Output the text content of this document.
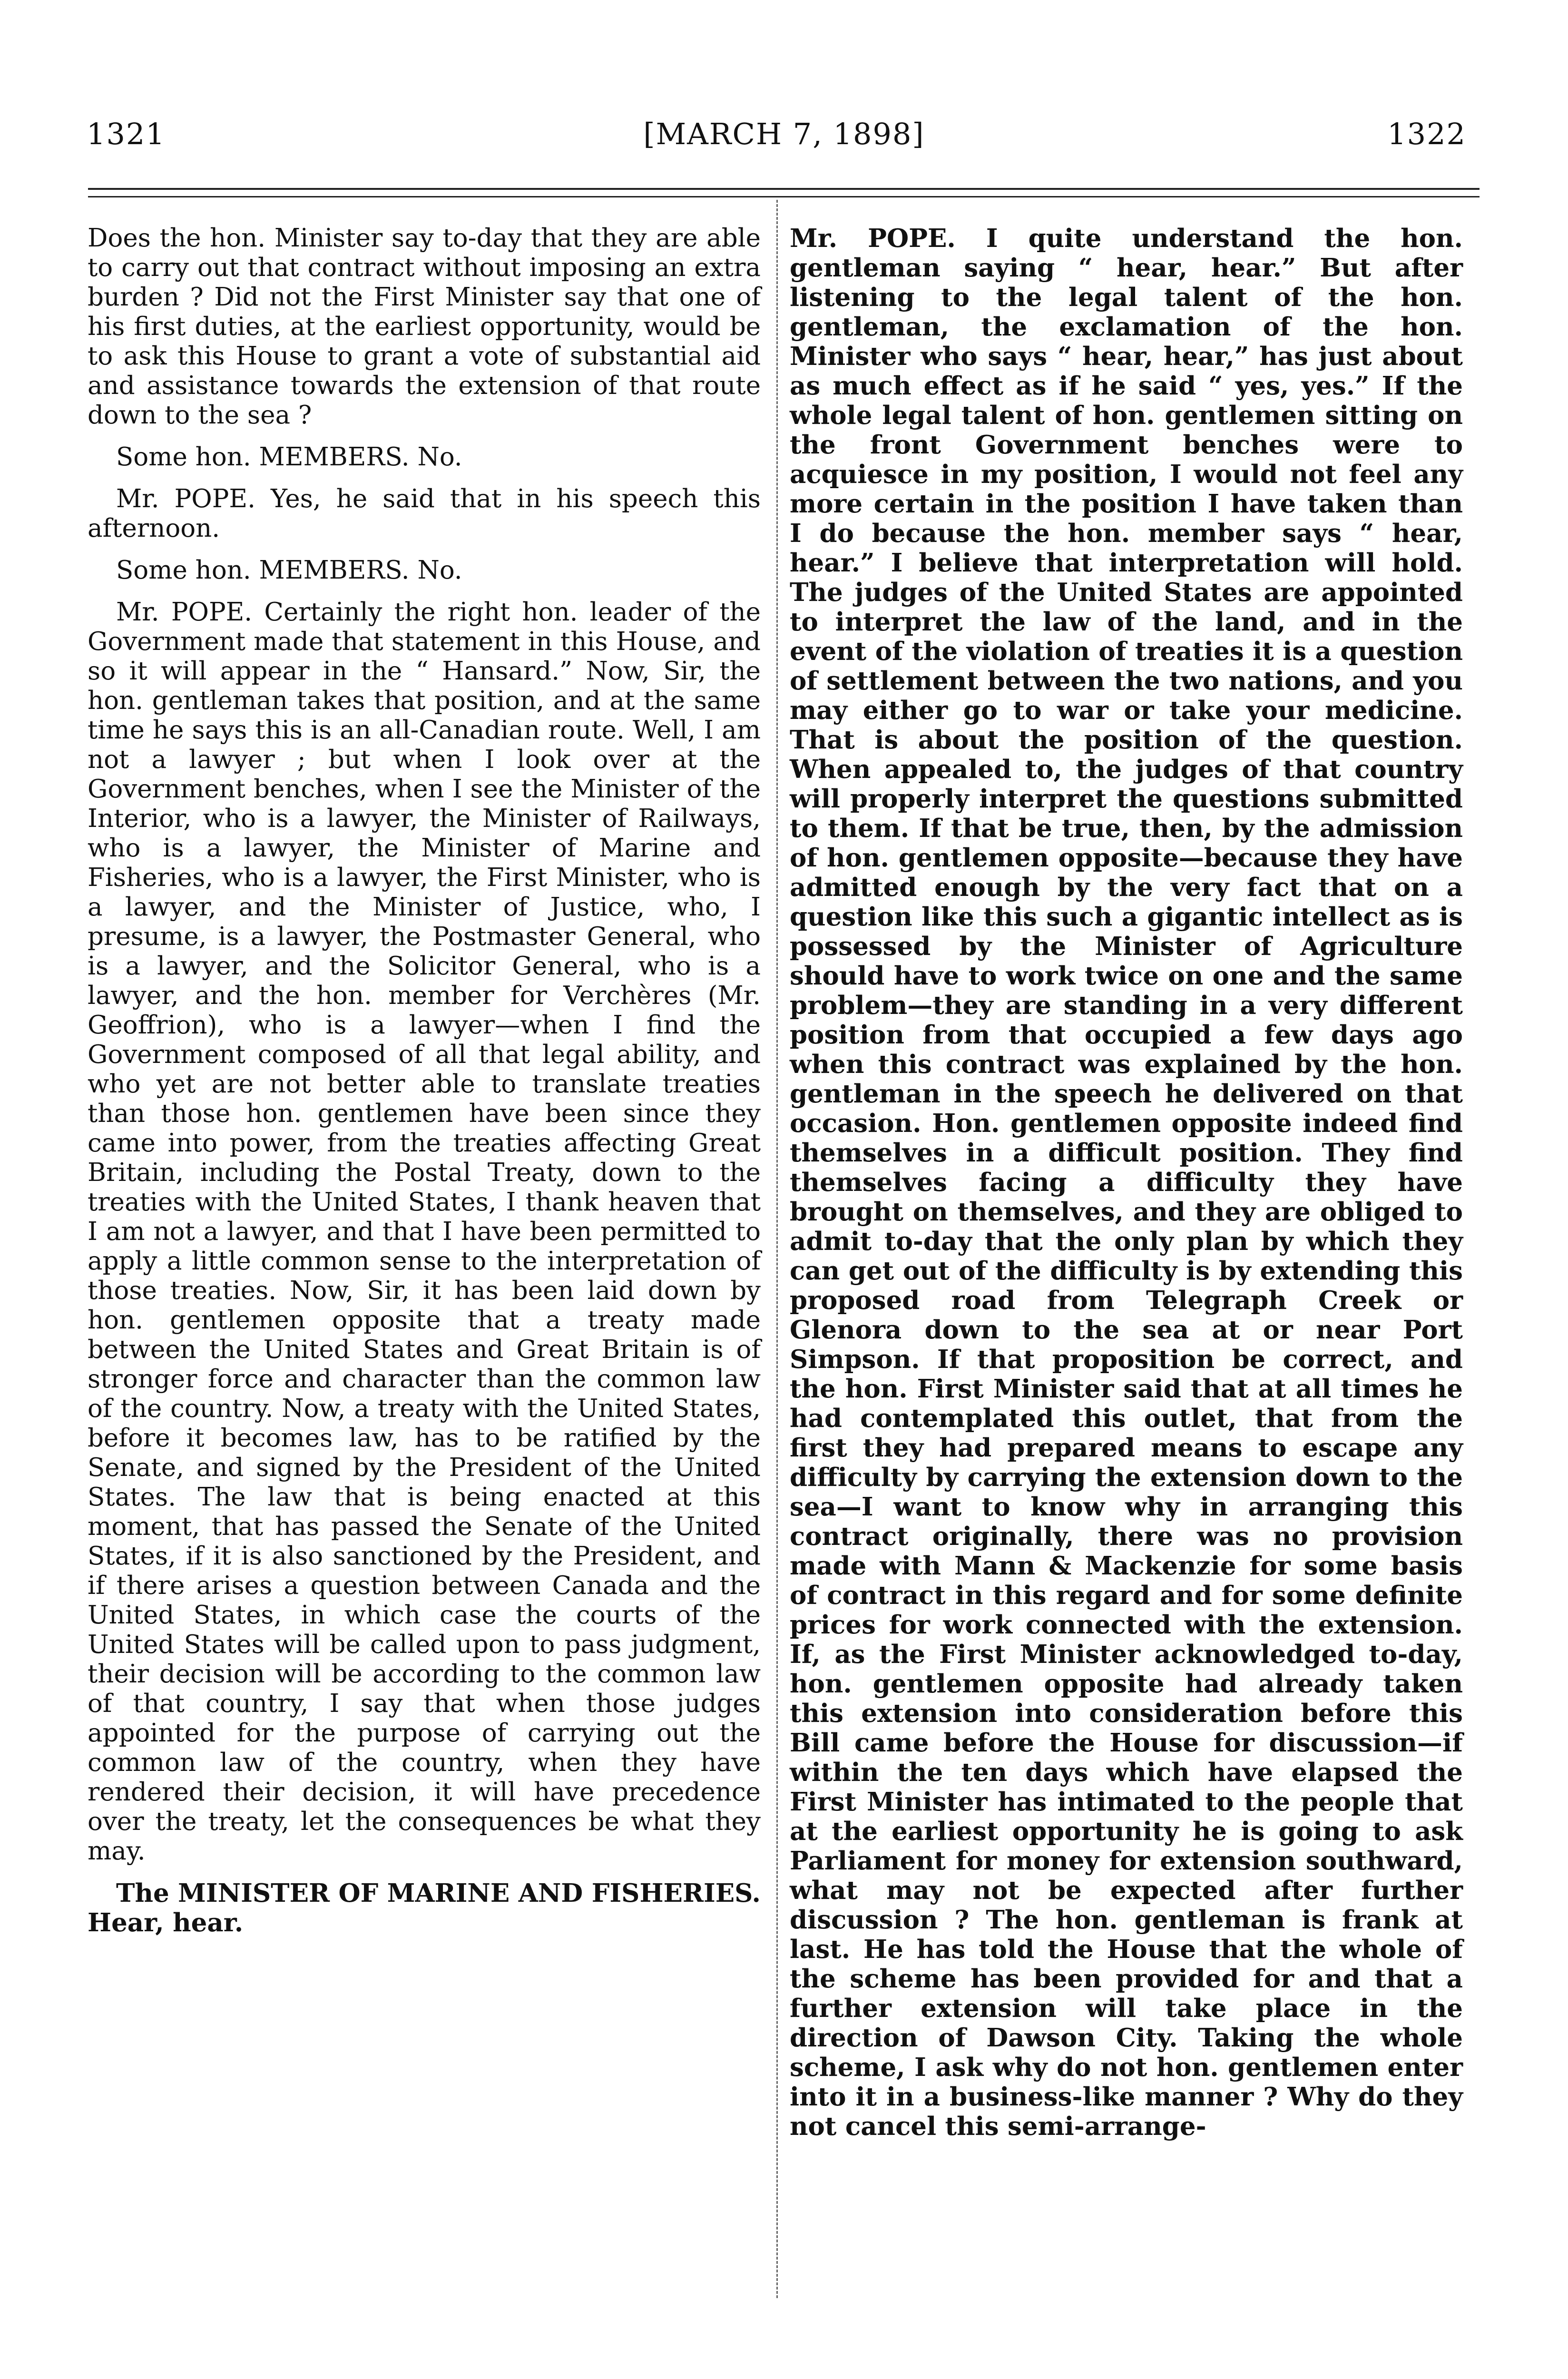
1321	[MARCH 7, 1898]	1322

Does the hon. Minister say to-day that they are able to carry out that contract without imposing an extra burden ? Did not the First Minister say that one of his first duties, at the earliest opportunity, would be to ask this House to grant a vote of substantial aid and assistance towards the extension of that route down to the sea ?

Some hon. MEMBERS. No.

Mr. POPE. Yes, he said that in his speech this afternoon.

Some hon. MEMBERS. No.

Mr. POPE. Certainly the right hon. leader of the Government made that statement in this House, and so it will appear in the “ Hansard.” Now, Sir, the hon. gentleman takes that position, and at the same time he says this is an all-Canadian route. Well, I am not a lawyer ; but when I look over at the Government benches, when I see the Minister of the Interior, who is a lawyer, the Minister of Railways, who is a lawyer, the Minister of Marine and Fisheries, who is a lawyer, the First Minister, who is a lawyer, and the Minister of Justice, who, I presume, is a lawyer, the Postmaster General, who is a lawyer, and the Solicitor General, who is a lawyer, and the hon. member for Verchères (Mr. Geoffrion), who is a lawyer—when I find the Government composed of all that legal ability, and who yet are not better able to translate treaties than those hon. gentlemen have been since they came into power, from the treaties affecting Great Britain, including the Postal Treaty, down to the treaties with the United States, I thank heaven that I am not a lawyer, and that I have been permitted to apply a little common sense to the interpretation of those treaties. Now, Sir, it has been laid down by hon. gentlemen opposite that a treaty made between the United States and Great Britain is of stronger force and character than the common law of the country. Now, a treaty with the United States, before it becomes law, has to be ratified by the Senate, and signed by the President of the United States. The law that is being enacted at this moment, that has passed the Senate of the United States, if it is also sanctioned by the President, and if there arises a question between Canada and the United States, in which case the courts of the United States will be called upon to pass judgment, their decision will be according to the common law of that country, I say that when those judges appointed for the purpose of carrying out the common law of the country, when they have rendered their decision, it will have precedence over the treaty, let the consequences be what they may.

The MINISTER OF MARINE AND FISHERIES. Hear, hear.

Mr. POPE. I quite understand the hon. gentleman saying “ hear, hear.” But after listening to the legal talent of the hon. gentleman, the exclamation of the hon. Minister who says “ hear, hear,” has just about as much effect as if he said “ yes, yes.” If the whole legal talent of hon. gentlemen sitting on the front Government benches were to acquiesce in my position, I would not feel any more certain in the position I have taken than I do because the hon. member says “ hear, hear.” I believe that interpretation will hold. The judges of the United States are appointed to interpret the law of the land, and in the event of the violation of treaties it is a question of settlement between the two nations, and you may either go to war or take your medicine. That is about the position of the question. When appealed to, the judges of that country will properly interpret the questions submitted to them. If that be true, then, by the admission of hon. gentlemen opposite—because they have admitted enough by the very fact that on a question like this such a gigantic intellect as is possessed by the Minister of Agriculture should have to work twice on one and the same problem—they are standing in a very different position from that occupied a few days ago when this contract was explained by the hon. gentleman in the speech he delivered on that occasion. Hon. gentlemen opposite indeed find themselves in a difficult position. They find themselves facing a difficulty they have brought on themselves, and they are obliged to admit to-day that the only plan by which they can get out of the difficulty is by extending this proposed road from Telegraph Creek or Glenora down to the sea at or near Port Simpson. If that proposition be correct, and the hon. First Minister said that at all times he had contemplated this outlet, that from the first they had prepared means to escape any difficulty by carrying the extension down to the sea—I want to know why in arranging this contract originally, there was no provision made with Mann & Mackenzie for some basis of contract in this regard and for some definite prices for work connected with the extension. If, as the First Minister acknowledged to-day, hon. gentlemen opposite had already taken this extension into consideration before this Bill came before the House for discussion—if within the ten days which have elapsed the First Minister has intimated to the people that at the earliest opportunity he is going to ask Parliament for money for extension southward, what may not be expected after further discussion ? The hon. gentleman is frank at last. He has told the House that the whole of the scheme has been provided for and that a further extension will take place in the direction of Dawson City. Taking the whole scheme, I ask why do not hon. gentlemen enter into it in a business-like manner ? Why do they not cancel this semi-arrange-
